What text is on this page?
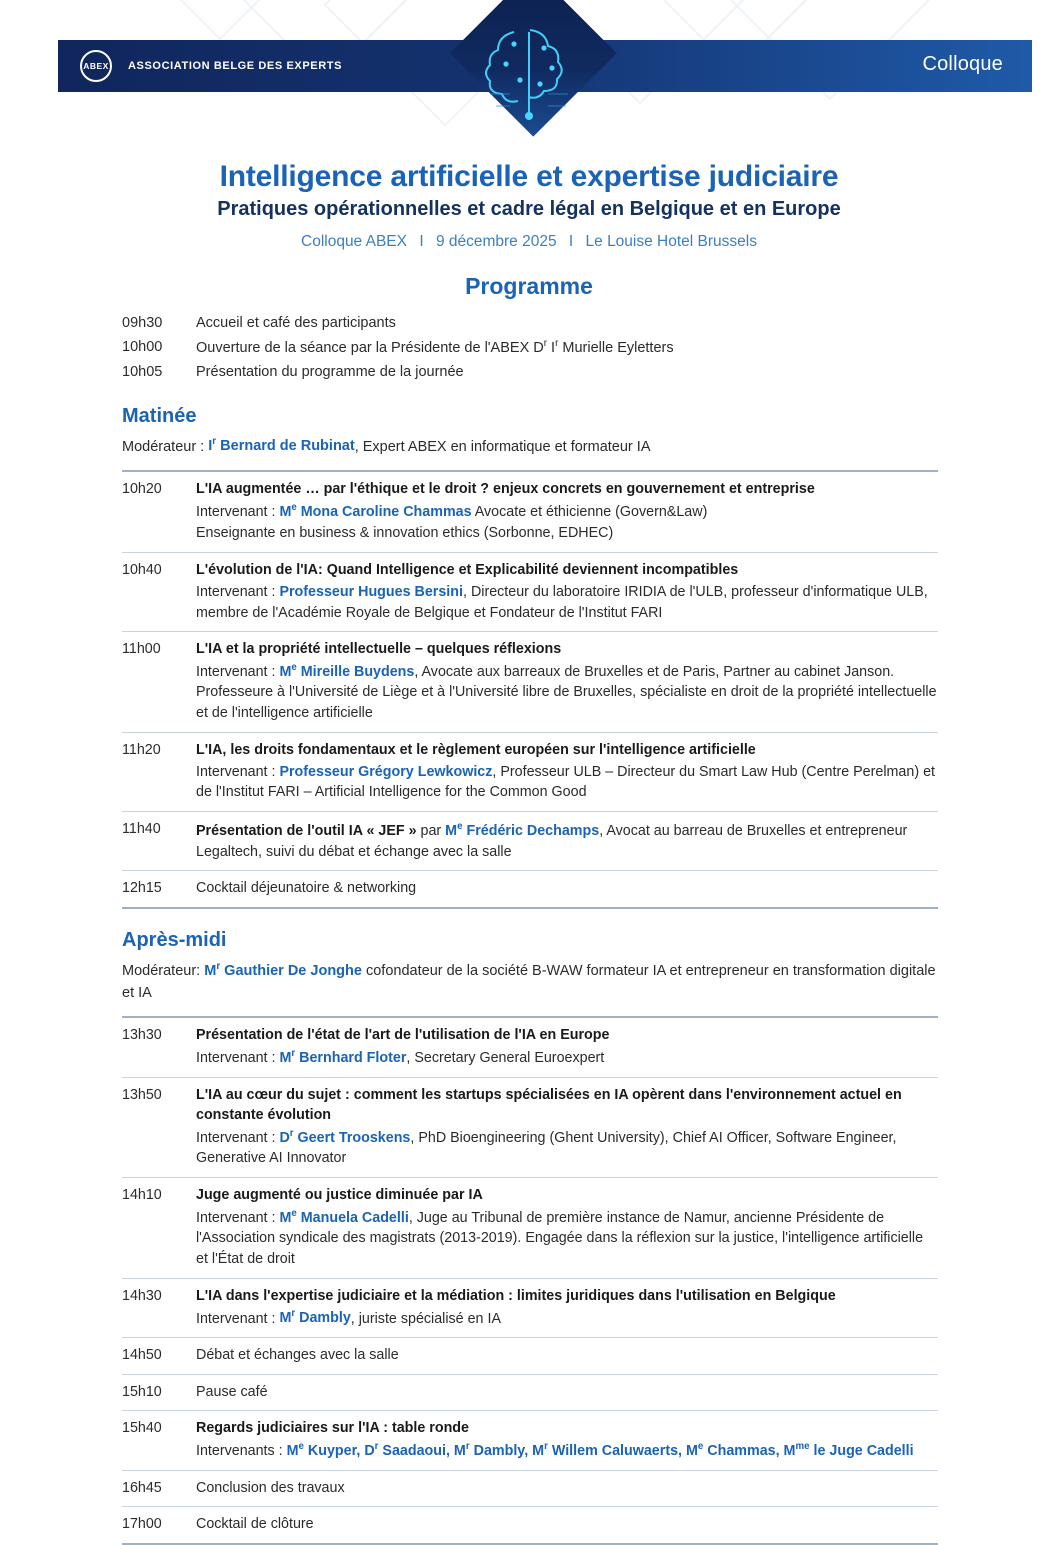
ABEX ASSOCIATION BELGE DES EXPERTS	Colloque
Intelligence artificielle et expertise judiciaire
Pratiques opérationnelles et cadre légal en Belgique et en Europe
Colloque ABEX I 9 décembre 2025 I Le Louise Hotel Brussels
Programme
09h30	Accueil et café des participants
10h00	Ouverture de la séance par la Présidente de l'ABEX $D^r$ $I^r$ Murielle Eyletters
10h05	Présentation du programme de la journée
Matinée
Modérateur : $I^r$ Bernard de Rubinat, Expert ABEX en informatique et formateur IA
10h20	L'IA augmentée … par l'éthique et le droit ? enjeux concrets en gouvernement et entreprise
Intervenant : Me Mona Caroline Chammas Avocate et éthicienne (Govern&Law)
Enseignante en business & innovation ethics (Sorbonne, EDHEC)

10h40	L'évolution de l'IA: Quand Intelligence et Explicabilité deviennent incompatibles
Intervenant : Professeur Hugues Bersini, Directeur du laboratoire IRIDIA de l'ULB, professeur d'informatique ULB, membre de l'Académie Royale de Belgique et Fondateur de l'Institut FARI

11h00	L'IA et la propriété intellectuelle – quelques réflexions
Intervenant : Me Mireille Buydens, Avocate aux barreaux de Bruxelles et de Paris, Partner au cabinet Janson. Professeure à l'Université de Liège et à l'Université libre de Bruxelles, spécialiste en droit de la propriété intellectuelle et de l'intelligence artificielle

11h20	L'IA, les droits fondamentaux et le règlement européen sur l'intelligence artificielle
Intervenant : Professeur Grégory Lewkowicz, Professeur ULB – Directeur du Smart Law Hub (Centre Perelman) et de l'Institut FARI – Artificial Intelligence for the Common Good

11h40	Présentation de l'outil IA « JEF » par Me Frédéric Dechamps, Avocat au barreau de Bruxelles et entrepreneur Legaltech, suivi du débat et échange avec la salle

12h15	Cocktail déjeunatoire & networking
Après-midi
Modérateur: $M^r$ Gauthier De Jonghe cofondateur de la société B-WAW formateur IA et entrepreneur en transformation digitale et IA
13h30	Présentation de l'état de l'art de l'utilisation de l'IA en Europe
Intervenant : $M^r$ Bernhard Floter, Secretary General Euroexpert

13h50	L'IA au cœur du sujet : comment les startups spécialisées en IA opèrent dans l'environnement actuel en constante évolution
Intervenant : $D^r$ Geert Trooskens, PhD Bioengineering (Ghent University), Chief AI Officer, Software Engineer, Generative AI Innovator

14h10	Juge augmenté ou justice diminuée par IA
Intervenant : Me Manuela Cadelli, Juge au Tribunal de première instance de Namur, ancienne Présidente de l'Association syndicale des magistrats (2013-2019). Engagée dans la réflexion sur la justice, l'intelligence artificielle et l'État de droit

14h30	L'IA dans l'expertise judiciaire et la médiation : limites juridiques dans l'utilisation en Belgique
Intervenant : $M^r$ Dambly, juriste spécialisé en IA

14h50	Débat et échanges avec la salle
15h10	Pause café
15h40	Regards judiciaires sur l'IA : table ronde
Intervenants : Me Kuyper, $D^r$ Saadaoui, $M^r$ Dambly, $M^r$ Willem Caluwaerts, Me Chammas, $M^{me}$ le Juge Cadelli

16h45	Conclusion des travaux
17h00	Cocktail de clôture
